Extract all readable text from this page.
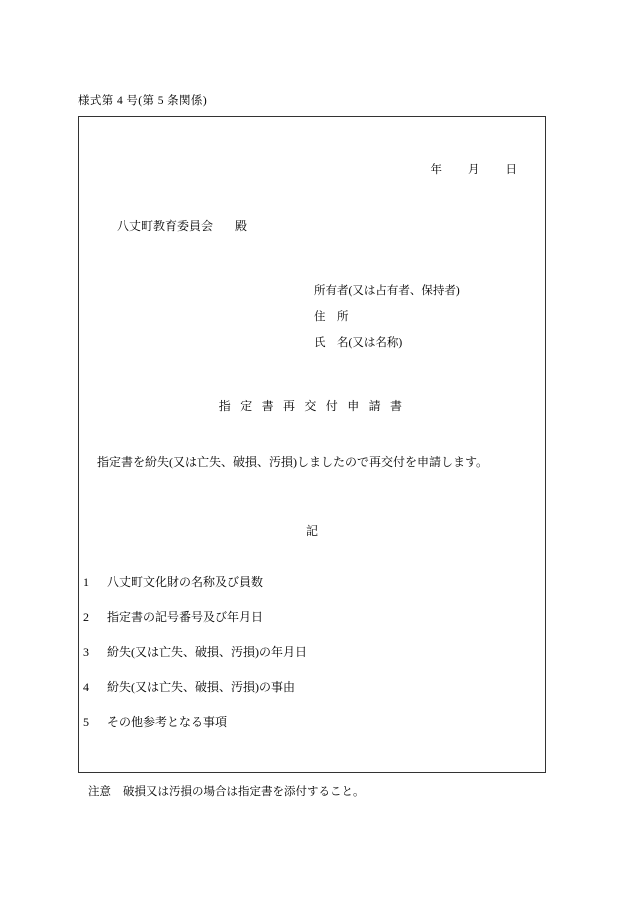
様式第 4 号(第 5 条関係)
年 月 日
八丈町教育委員会 殿
所有者(又は占有者、保持者)
住　所
氏　名(又は名称)
指 定 書 再 交 付 申 請 書
指定書を紛失(又は亡失、破損、汚損)しましたので再交付を申請します。
記
1 八丈町文化財の名称及び員数
2 指定書の記号番号及び年月日
3 紛失(又は亡失、破損、汚損)の年月日
4 紛失(又は亡失、破損、汚損)の事由
5 その他参考となる事項
注意 破損又は汚損の場合は指定書を添付すること。
